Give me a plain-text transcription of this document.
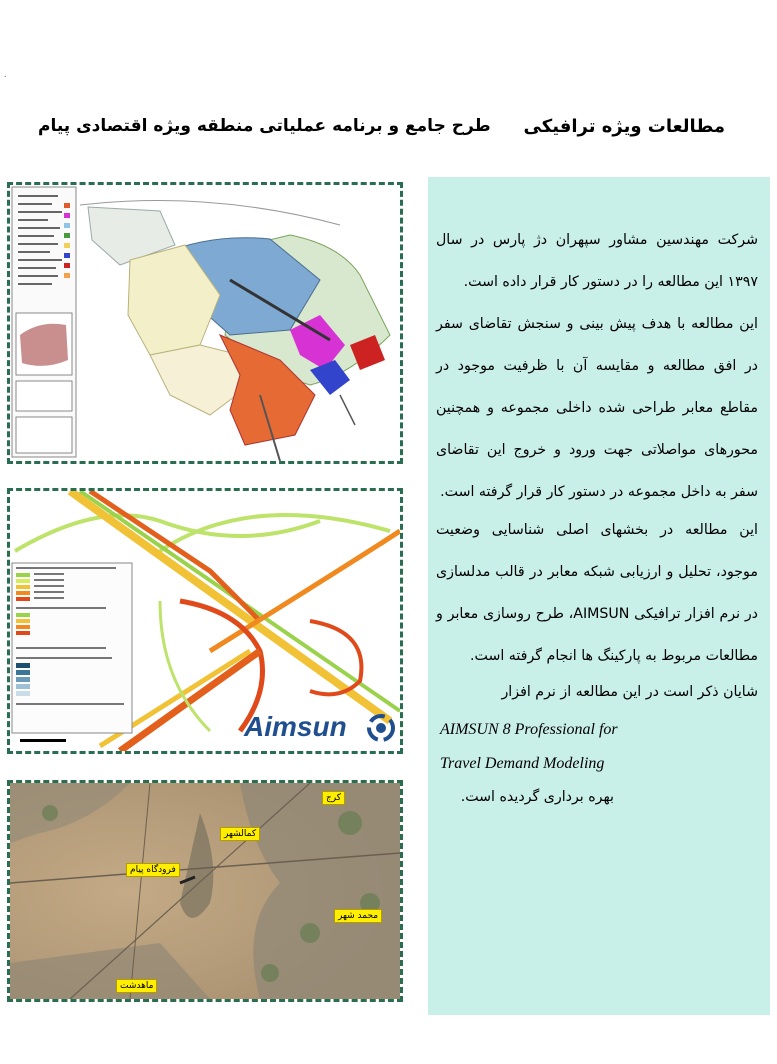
.
مطالعات ویژه ترافیکی
طرح جامع و برنامه عملیاتی منطقه ویژه اقتصادی پیام
شرکت مهندسین مشاور سپهران دژ پارس در سال ۱۳۹۷ این مطالعه را در دستور کار قرار داده است.
این مطالعه با هدف پیش بینی و سنجش تقاضای سفر در افق مطالعه و مقایسه آن با ظرفیت موجود در مقاطع معابر طراحی شده داخلی مجموعه و همچنین محورهای مواصلاتی جهت ورود و خروج این تقاضای سفر به داخل مجموعه در دستور کار قرار گرفته است.
این مطالعه در بخشهای اصلی شناسایی وضعیت موجود، تحلیل و ارزیابی شبکه معابر در قالب مدلسازی در نرم افزار ترافیکی AIMSUN، طرح روسازی معابر و مطالعات مربوط به پارکینگ ها انجام گرفته است.
شایان ذکر است در این مطالعه از نرم افزار
AIMSUN 8 Professional for
Travel Demand Modeling
بهره برداری گردیده است.
Aimsun
کرج
کمالشهر
فرودگاه پیام
محمد شهر
ماهدشت
